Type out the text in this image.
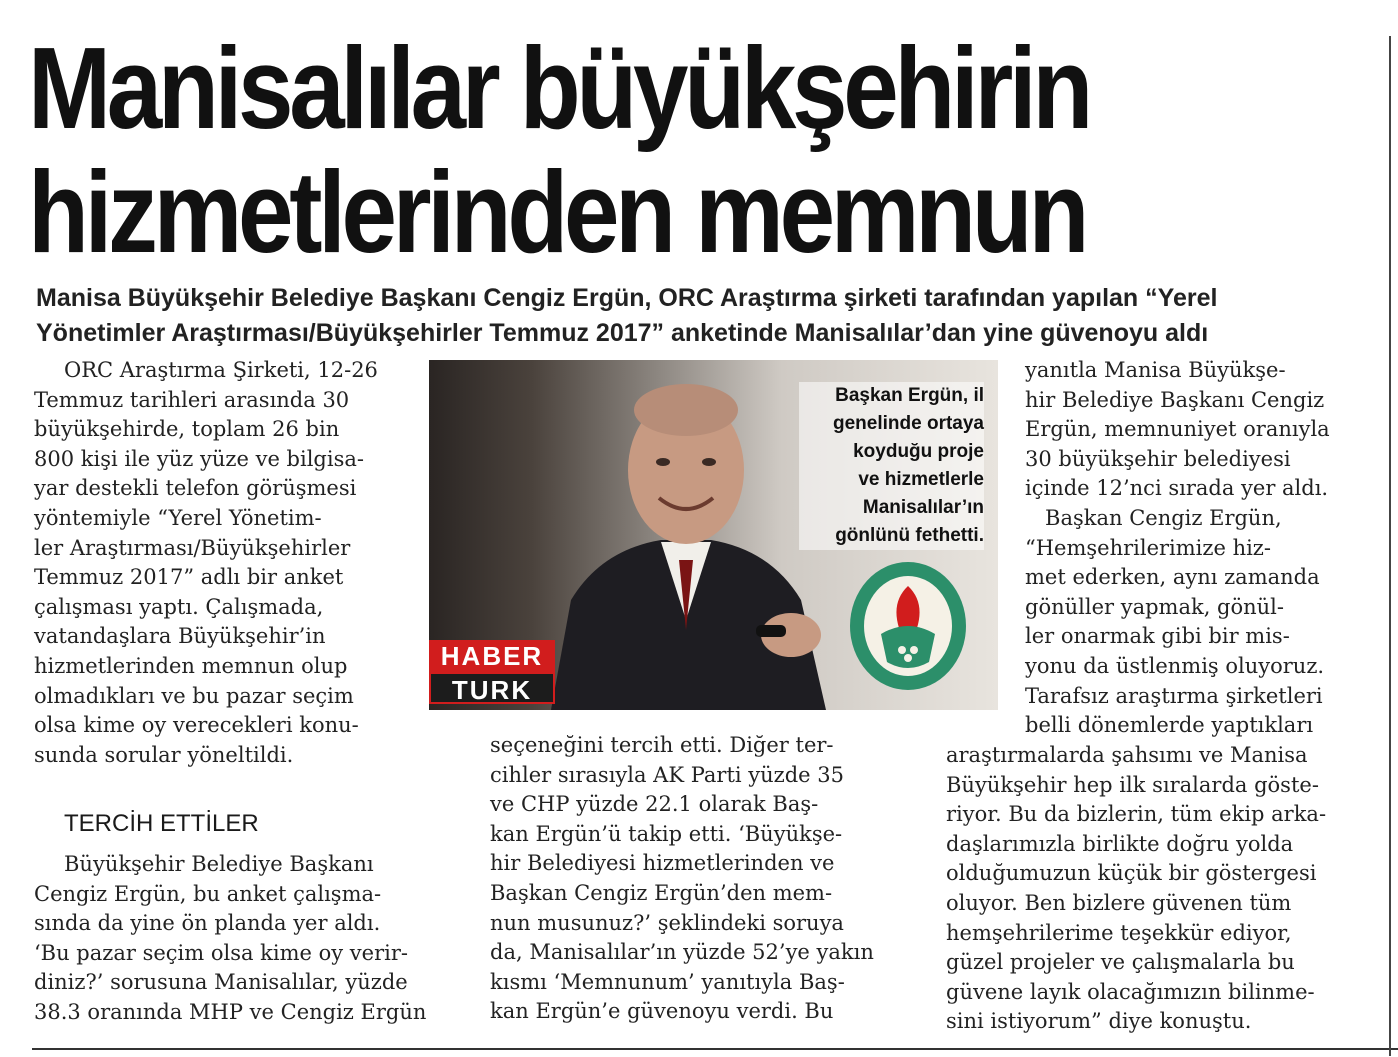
Manisalılar büyükşehirin
hizmetlerinden memnun
Manisa Büyükşehir Belediye Başkanı Cengiz Ergün, ORC Araştırma şirketi tarafından yapılan “Yerel
Yönetimler Araştırması/Büyükşehirler Temmuz 2017” anketinde Manisalılar’dan yine güvenoyu aldı

ORC Araştırma Şirketi, 12-26

Temmuz tarihleri arasında 30

büyükşehirde, toplam 26 bin

800 kişi ile yüz yüze ve bilgisa-

yar destekli telefon görüşmesi

yöntemiyle “Yerel Yönetim-

ler Araştırması/Büyükşehirler

Temmuz 2017” adlı bir anket

çalışması yaptı. Çalışmada,

vatandaşlara Büyükşehir’in

hizmetlerinden memnun olup

olmadıkları ve bu pazar seçim

olsa kime oy verecekleri konu-

sunda sorular yöneltildi.

TERCİH ETTİLER

Büyükşehir Belediye Başkanı

Cengiz Ergün, bu anket çalışma-

sında da yine ön planda yer aldı.

‘Bu pazar seçim olsa kime oy verir-

diniz?’ sorusuna Manisalılar, yüzde

38.3 oranında MHP ve Cengiz Ergün

seçeneğini tercih etti. Diğer ter-

cihler sırasıyla AK Parti yüzde 35

ve CHP yüzde 22.1 olarak Baş-

kan Ergün’ü takip etti. ‘Büyükşe-

hir Belediyesi hizmetlerinden ve

Başkan Cengiz Ergün’den mem-

nun musunuz?’ şeklindeki soruya

da, Manisalılar’ın yüzde 52’ye yakın

kısmı ‘Memnunum’ yanıtıyla Baş-

kan Ergün’e güvenoyu verdi. Bu

yanıtla Manisa Büyükşe-

hir Belediye Başkanı Cengiz

Ergün, memnuniyet oranıyla

30 büyükşehir belediyesi

içinde 12’nci sırada yer aldı.

Başkan Cengiz Ergün,

“Hemşehrilerimize hiz-

met ederken, aynı zamanda

gönüller yapmak, gönül-

ler onarmak gibi bir mis-

yonu da üstlenmiş oluyoruz.

Tarafsız araştırma şirketleri

belli dönemlerde yaptıkları

araştırmalarda şahsımı ve Manisa

Büyükşehir hep ilk sıralarda göste-

riyor. Bu da bizlerin, tüm ekip arka-

daşlarımızla birlikte doğru yolda

olduğumuzun küçük bir göstergesi

oluyor. Ben bizlere güvenen tüm

hemşehrilerime teşekkür ediyor,

güzel projeler ve çalışmalarla bu

güvene layık olacağımızın bilinme-

sini istiyorum” diye konuştu.

Başkan Ergün, il
genelinde ortaya
koyduğu proje
ve hizmetlerle
Manisalılar’ın
gönlünü fethetti.
HABER
TURK
